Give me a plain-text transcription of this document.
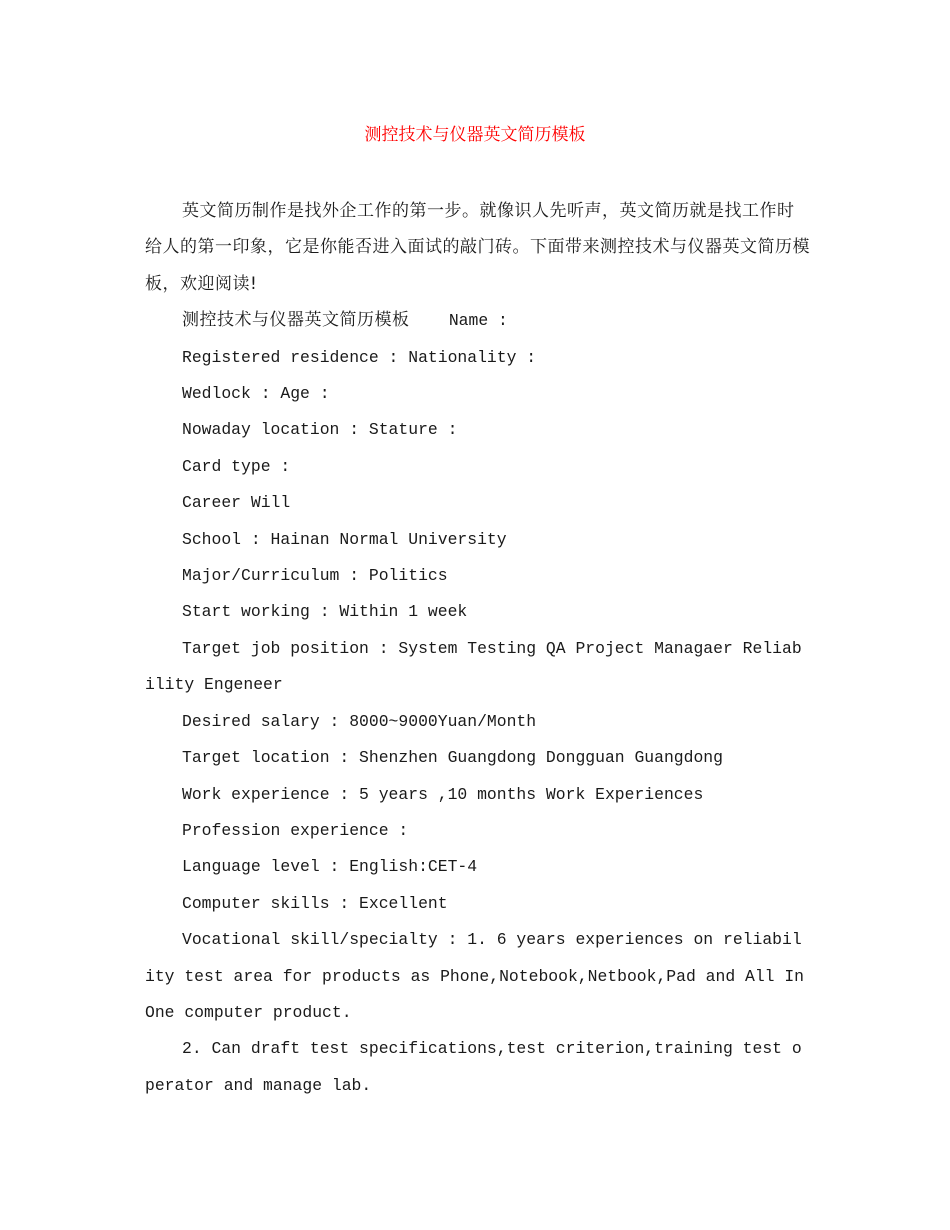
测控技术与仪器英文简历模板

英文简历制作是找外企工作的第一步。就像识人先听声，英文简历就是找工作时给人的第一印象，它是你能否进入面试的敲门砖。下面带来测控技术与仪器英文简历模板，欢迎阅读!

测控技术与仪器英文简历模板    Name :

Registered residence : Nationality :

Wedlock : Age :

Nowaday location : Stature :

Card type :

Career Will

School : Hainan Normal University

Major/Curriculum : Politics

Start working : Within 1 week

Target job position : System Testing QA Project Managaer Reliability Engeneer

Desired salary : 8000~9000Yuan/Month

Target location : Shenzhen Guangdong Dongguan Guangdong

Work experience : 5 years ,10 months Work Experiences

Profession experience :

Language level : English:CET-4

Computer skills : Excellent

Vocational skill/specialty : 1. 6 years experiences on reliability test area for products as Phone,Notebook,Netbook,Pad and All In One computer product.

2. Can draft test specifications,test criterion,training test operator and manage lab.
